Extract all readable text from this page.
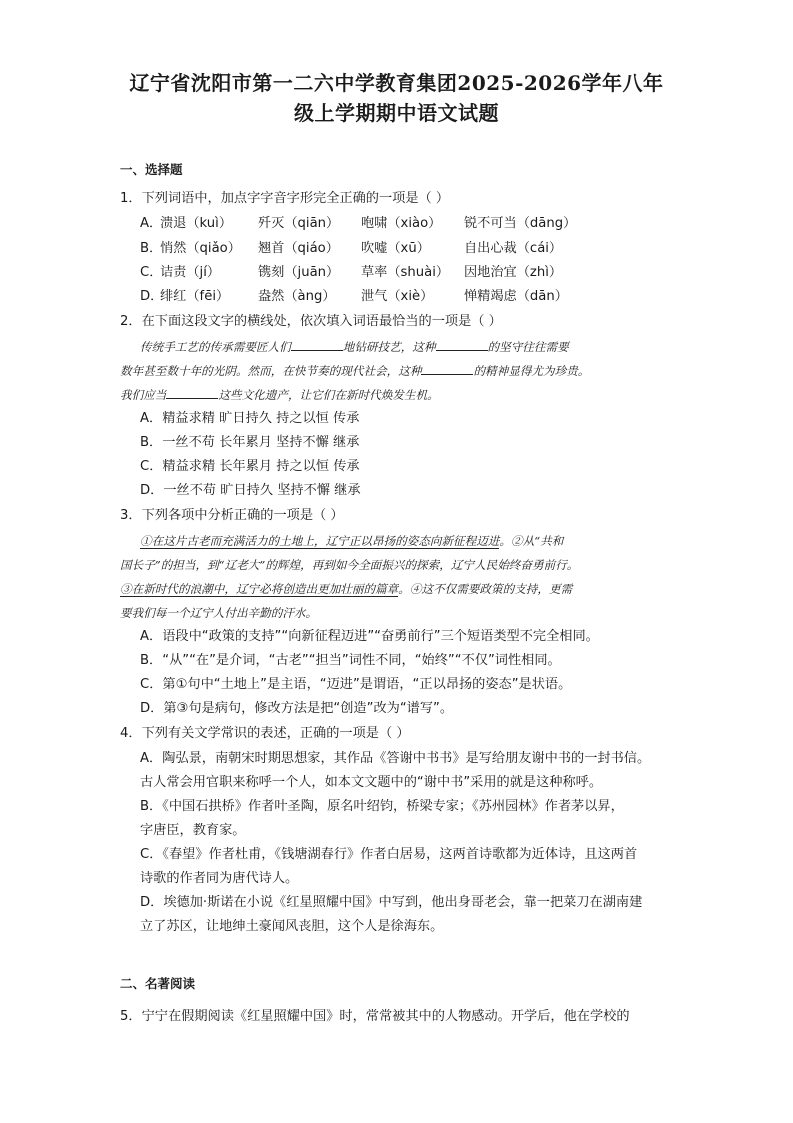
辽宁省沈阳市第一二六中学教育集团2025-2026学年八年
级上学期期中语文试题
一、选择题
1．下列词语中，加点字字音字形完全正确的一项是（ ）
A．溃退（kuì） 歼灭（qiān） 咆啸（xiào） 锐不可当（dāng）
B．悄然（qiǎo） 翘首（qiáo） 吹嘘（xū）	自出心裁（cái）
C．诘责（jí）	镌刻（juān） 草率（shuài） 因地治宜（zhì）
D．绯红（fēi） 盎然（àng） 泄气（xiè） 惮精竭虑（dān）
2．在下面这段文字的横线处，依次填入词语最恰当的一项是（ ）
传统手工艺的传承需要匠人们	地钻研技艺，这种	的坚守往往需要
数年甚至数十年的光阴。然而，在快节奏的现代社会，这种	的精神显得尤为珍贵。
我们应当	这些文化遗产，让它们在新时代焕发生机。
A．精益求精 旷日持久 持之以恒 传承
B．一丝不苟 长年累月 坚持不懈 继承
C．精益求精 长年累月 持之以恒 传承
D．一丝不苟 旷日持久 坚持不懈 继承
3．下列各项中分析正确的一项是（ ）
①在这片古老而充满活力的土地上，辽宁正以昂扬的姿态向新征程迈进。②从“共和
国长子”的担当，到“辽老大”的辉煌，再到如今全面振兴的探索，辽宁人民始终奋勇前行。
③在新时代的浪潮中，辽宁必将创造出更加壮丽的篇章。④这不仅需要政策的支持，更需
要我们每一个辽宁人付出辛勤的汗水。
A．语段中“政策的支持”“向新征程迈进”“奋勇前行”三个短语类型不完全相同。
B．“从”“在”是介词，“古老”“担当”词性不同，“始终”“不仅”词性相同。
C．第①句中“土地上”是主语，“迈进”是谓语，“正以昂扬的姿态”是状语。
D．第③句是病句，修改方法是把“创造”改为“谱写”。
4．下列有关文学常识的表述，正确的一项是（ ）
A．陶弘景，南朝宋时期思想家，其作品《答谢中书书》是写给朋友谢中书的一封书信。
古人常会用官职来称呼一个人，如本文文题中的“谢中书”采用的就是这种称呼。
B．《中国石拱桥》作者叶圣陶，原名叶绍钧，桥梁专家；《苏州园林》作者茅以昇，
字唐臣，教育家。
C．《春望》作者杜甫，《钱塘湖春行》作者白居易，这两首诗歌都为近体诗，且这两首
诗歌的作者同为唐代诗人。
D．埃德加·斯诺在小说《红星照耀中国》中写到，他出身哥老会，靠一把菜刀在湖南建
立了苏区，让地绅土豪闻风丧胆，这个人是徐海东。
二、名著阅读
5．宁宁在假期阅读《红星照耀中国》时，常常被其中的人物感动。开学后，他在学校的
